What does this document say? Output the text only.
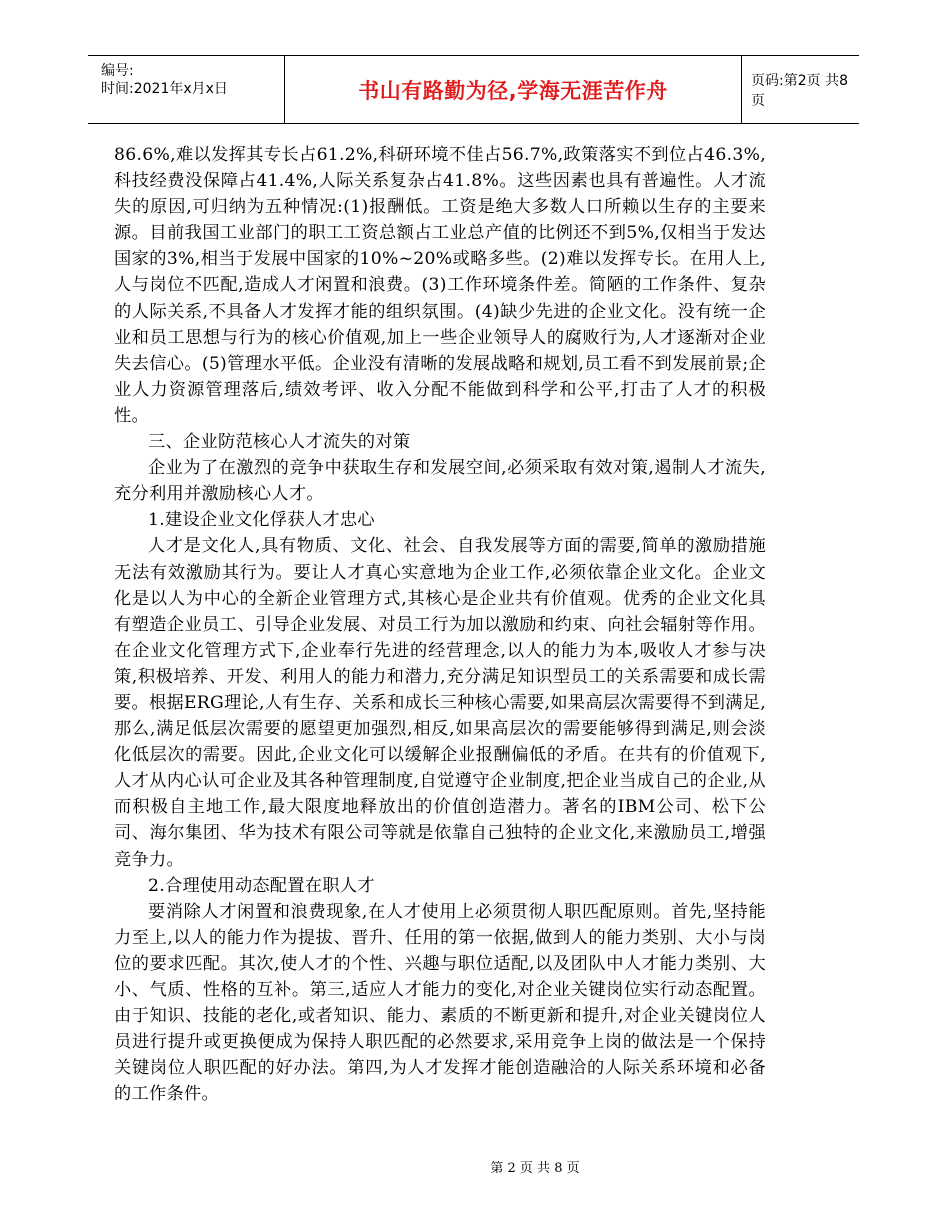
编号:
时间:2021年x月x日	书山有路勤为径,学海无涯苦作舟	页码:第2页 共8页

86.6%,难以发挥其专长占61.2%,科研环境不佳占56.7%,政策落实不到位占46.3%,科技经费没保障占41.4%,人际关系复杂占41.8%。这些因素也具有普遍性。人才流失的原因,可归纳为五种情况:(1)报酬低。工资是绝大多数人口所赖以生存的主要来源。目前我国工业部门的职工工资总额占工业总产值的比例还不到5%,仅相当于发达国家的3%,相当于发展中国家的10%~20%或略多些。(2)难以发挥专长。在用人上,人与岗位不匹配,造成人才闲置和浪费。(3)工作环境条件差。简陋的工作条件、复杂的人际关系,不具备人才发挥才能的组织氛围。(4)缺少先进的企业文化。没有统一企业和员工思想与行为的核心价值观,加上一些企业领导人的腐败行为,人才逐渐对企业失去信心。(5)管理水平低。企业没有清晰的发展战略和规划,员工看不到发展前景;企业人力资源管理落后,绩效考评、收入分配不能做到科学和公平,打击了人才的积极性。

三、企业防范核心人才流失的对策

企业为了在激烈的竞争中获取生存和发展空间,必须采取有效对策,遏制人才流失,充分利用并激励核心人才。

1.建设企业文化俘获人才忠心

人才是文化人,具有物质、文化、社会、自我发展等方面的需要,简单的激励措施无法有效激励其行为。要让人才真心实意地为企业工作,必须依靠企业文化。企业文化是以人为中心的全新企业管理方式,其核心是企业共有价值观。优秀的企业文化具有塑造企业员工、引导企业发展、对员工行为加以激励和约束、向社会辐射等作用。在企业文化管理方式下,企业奉行先进的经营理念,以人的能力为本,吸收人才参与决策,积极培养、开发、利用人的能力和潜力,充分满足知识型员工的关系需要和成长需要。根据ERG理论,人有生存、关系和成长三种核心需要,如果高层次需要得不到满足,那么,满足低层次需要的愿望更加强烈,相反,如果高层次的需要能够得到满足,则会淡化低层次的需要。因此,企业文化可以缓解企业报酬偏低的矛盾。在共有的价值观下,人才从内心认可企业及其各种管理制度,自觉遵守企业制度,把企业当成自己的企业,从而积极自主地工作,最大限度地释放出的价值创造潜力。著名的IBM公司、松下公司、海尔集团、华为技术有限公司等就是依靠自己独特的企业文化,来激励员工,增强竞争力。

2.合理使用动态配置在职人才

要消除人才闲置和浪费现象,在人才使用上必须贯彻人职匹配原则。首先,坚持能力至上,以人的能力作为提拔、晋升、任用的第一依据,做到人的能力类别、大小与岗位的要求匹配。其次,使人才的个性、兴趣与职位适配,以及团队中人才能力类别、大小、气质、性格的互补。第三,适应人才能力的变化,对企业关键岗位实行动态配置。由于知识、技能的老化,或者知识、能力、素质的不断更新和提升,对企业关键岗位人员进行提升或更换便成为保持人职匹配的必然要求,采用竞争上岗的做法是一个保持关键岗位人职匹配的好办法。第四,为人才发挥才能创造融洽的人际关系环境和必备的工作条件。

第 2 页 共 8 页
